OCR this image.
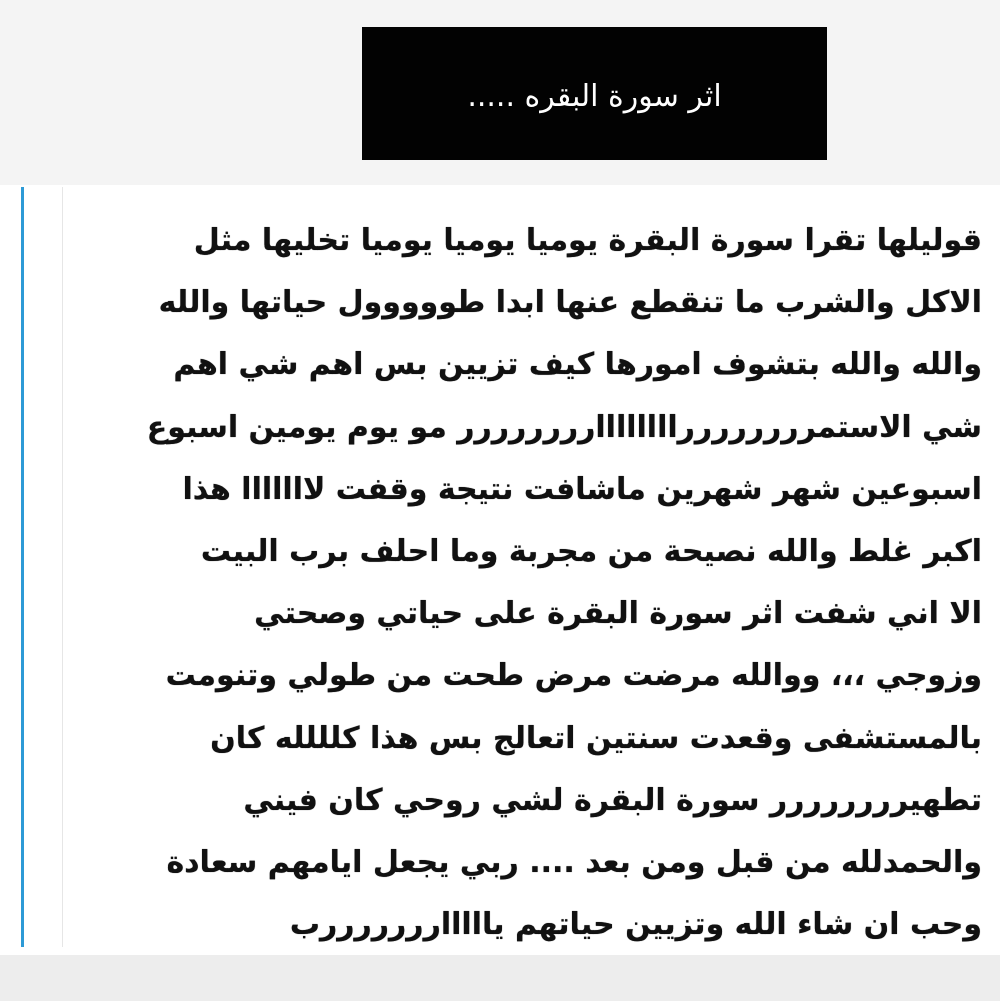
اثر سورة البقره .....
قوليلها تقرا سورة البقرة يوميا يوميا يوميا تخليها مثل
الاكل والشرب ما تنقطع عنها ابدا طووووول حياتها والله
والله والله بتشوف امورها كيف تزيين بس اهم شي اهم
شي الاستمرررررررراااااااارررررررر مو يوم يومين اسبوع
اسبوعين شهر شهرين ماشافت نتيجة وقفت لااااااا هذا
اكبر غلط والله نصيحة من مجربة وما احلف برب البيت
الا اني شفت اثر سورة البقرة على حياتي وصحتي
وزوجي ،،، ووالله مرضت مرض طحت من طولي وتنومت
بالمستشفى وقعدت سنتين اتعالج بس هذا كلللله كان
تطهيرررررررر سورة البقرة لشي روحي كان فيني
والحمدلله من قبل ومن بعد .... ربي يجعل ايامهم سعادة
وحب ان شاء الله وتزيين حياتهم يااااارررررررب
